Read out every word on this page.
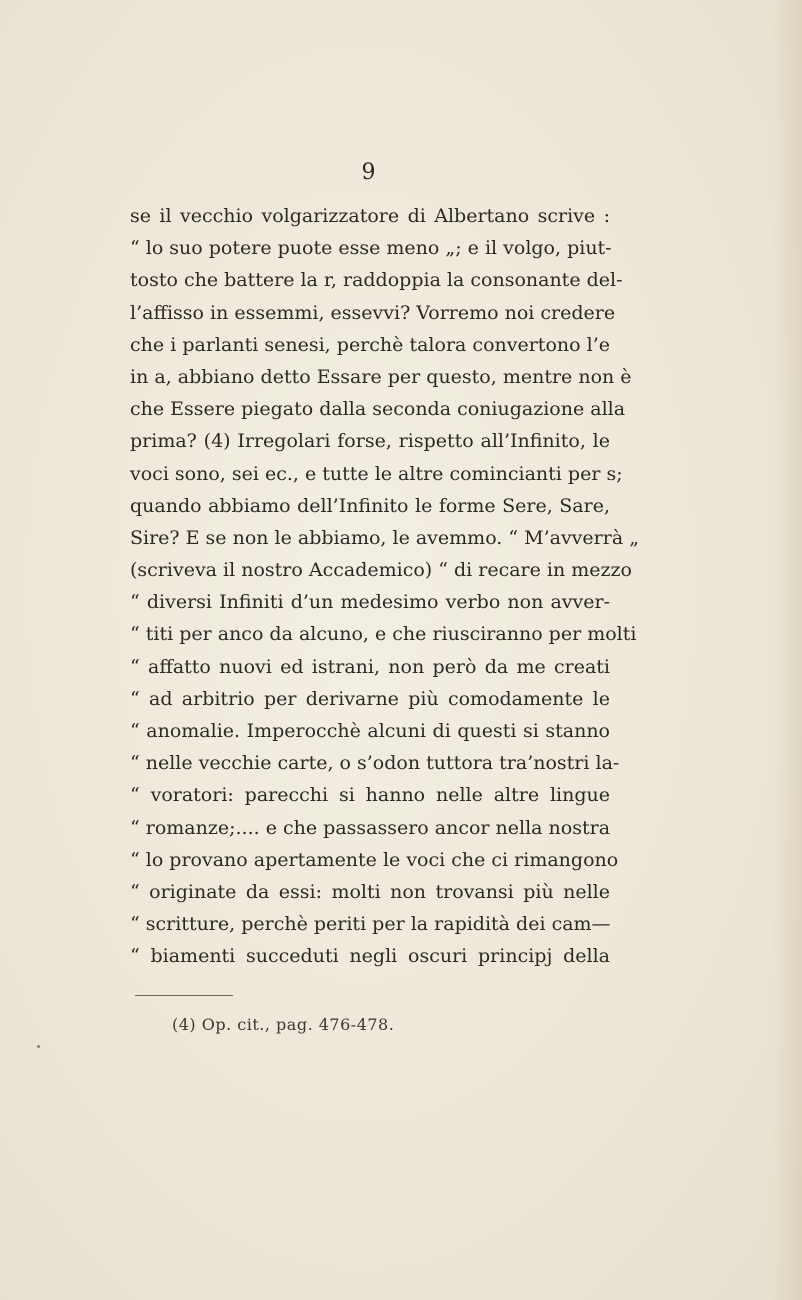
9
se il vecchio volgarizzatore di Albertano scrive :
“ lo suo potere puote esse meno „; e il volgo, piut-
tosto che battere la r, raddoppia la consonante del-
l’affisso in essemmi, essevvi? Vorremo noi credere
che i parlanti senesi, perchè talora convertono l’e
in a, abbiano detto Essare per questo, mentre non è
che Essere piegato dalla seconda coniugazione alla
prima? (4) Irregolari forse, rispetto all’Infinito, le
voci sono, sei ec., e tutte le altre comincianti per s;
quando abbiamo dell’Infinito le forme Sere, Sare,
Sire? E se non le abbiamo, le avemmo. “ M’avverrà „
(scriveva il nostro Accademico) “ di recare in mezzo
“ diversi Infiniti d’un medesimo verbo non avver-
“ titi per anco da alcuno, e che riusciranno per molti
“ affatto nuovi ed istrani, non però da me creati
“ ad arbitrio per derivarne più comodamente le
“ anomalie. Imperocchè alcuni di questi si stanno
“ nelle vecchie carte, o s’odon tuttora tra’nostri la-
“ voratori: parecchi si hanno nelle altre lingue
“ romanze;.... e che passassero ancor nella nostra
“ lo provano apertamente le voci che ci rimangono
“ originate da essi: molti non trovansi più nelle
“ scritture, perchè periti per la rapidità dei cam—
“ biamenti succeduti negli oscuri principj della
(4) Op. cit., pag. 476-478.
